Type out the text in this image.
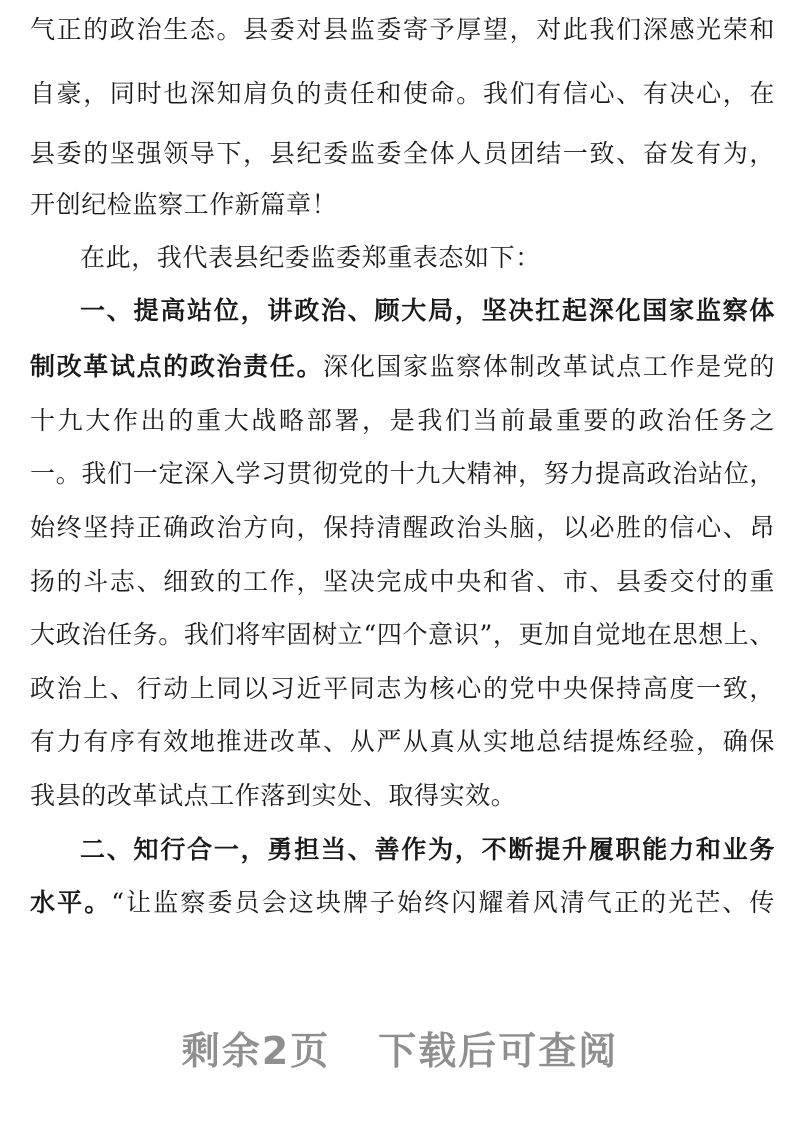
气正的政治生态。县委对县监委寄予厚望，对此我们深感光荣和
自豪，同时也深知肩负的责任和使命。我们有信心、有决心，在
县委的坚强领导下，县纪委监委全体人员团结一致、奋发有为，
开创纪检监察工作新篇章！
在此，我代表县纪委监委郑重表态如下：
一、提高站位，讲政治、顾大局，坚决扛起深化国家监察体
制改革试点的政治责任。深化国家监察体制改革试点工作是党的
十九大作出的重大战略部署，是我们当前最重要的政治任务之
一。我们一定深入学习贯彻党的十九大精神，努力提高政治站位，
始终坚持正确政治方向，保持清醒政治头脑，以必胜的信心、昂
扬的斗志、细致的工作，坚决完成中央和省、市、县委交付的重
大政治任务。我们将牢固树立“四个意识”，更加自觉地在思想上、
政治上、行动上同以习近平同志为核心的党中央保持高度一致，
有力有序有效地推进改革、从严从真从实地总结提炼经验，确保
我县的改革试点工作落到实处、取得实效。
二、知行合一，勇担当、善作为，不断提升履职能力和业务
水平。“让监察委员会这块牌子始终闪耀着风清气正的光芒、传
剩余2页 下载后可查阅
